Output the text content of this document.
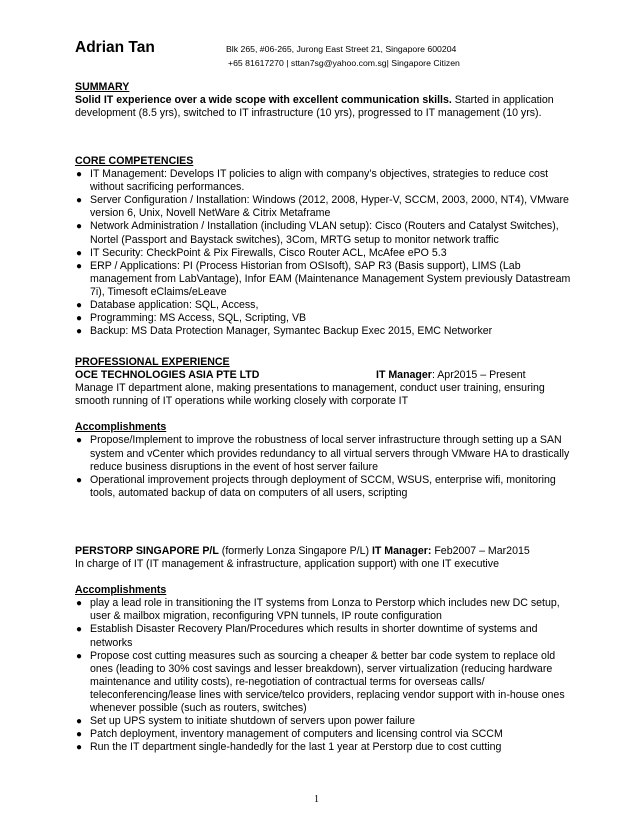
Adrian Tan	Blk 265, #06-265, Jurong East Street 21, Singapore 600204
+65 81617270 | sttan7sg@yahoo.com.sg| Singapore Citizen
SUMMARY

Solid IT experience over a wide scope with excellent communication skills. Started in application development (8.5 yrs), switched to IT infrastructure (10 yrs), progressed to IT management (10 yrs).

CORE COMPETENCIES
● IT Management: Develops IT policies to align with company’s objectives, strategies to reduce cost without sacrificing performances.
● Server Configuration / Installation: Windows (2012, 2008, Hyper-V, SCCM, 2003, 2000, NT4), VMware version 6, Unix, Novell NetWare & Citrix Metaframe
● Network Administration / Installation (including VLAN setup): Cisco (Routers and Catalyst Switches), Nortel (Passport and Baystack switches), 3Com, MRTG setup to monitor network traffic
● IT Security: CheckPoint & Pix Firewalls, Cisco Router ACL, McAfee ePO 5.3
● ERP / Applications: PI (Process Historian from OSIsoft), SAP R3 (Basis support), LIMS (Lab management from LabVantage), Infor EAM (Maintenance Management System previously Datastream 7i), Timesoft eClaims/eLeave
● Database application: SQL, Access,
● Programming: MS Access, SQL, Scripting, VB
● Backup: MS Data Protection Manager, Symantec Backup Exec 2015, EMC Networker
PROFESSIONAL EXPERIENCE
OCE TECHNOLOGIES ASIA PTE LTD	IT Manager: Apr2015 – Present

Manage IT department alone, making presentations to management, conduct user training, ensuring smooth running of IT operations while working closely with corporate IT

Accomplishments
● Propose/Implement to improve the robustness of local server infrastructure through setting up a SAN system and vCenter which provides redundancy to all virtual servers through VMware HA to drastically reduce business disruptions in the event of host server failure
● Operational improvement projects through deployment of SCCM, WSUS, enterprise wifi, monitoring tools, automated backup of data on computers of all users, scripting
PERSTORP SINGAPORE P/L (formerly Lonza Singapore P/L) IT Manager: Feb2007 – Mar2015

In charge of IT (IT management & infrastructure, application support) with one IT executive

Accomplishments
● play a lead role in transitioning the IT systems from Lonza to Perstorp which includes new DC setup, user & mailbox migration, reconfiguring VPN tunnels, IP route configuration
● Establish Disaster Recovery Plan/Procedures which results in shorter downtime of systems and networks
● Propose cost cutting measures such as sourcing a cheaper & better bar code system to replace old ones (leading to 30% cost savings and lesser breakdown), server virtualization (reducing hardware maintenance and utility costs), re-negotiation of contractual terms for overseas calls/ teleconferencing/lease lines with service/telco providers, replacing vendor support with in-house ones whenever possible (such as routers, switches)
● Set up UPS system to initiate shutdown of servers upon power failure
● Patch deployment, inventory management of computers and licensing control via SCCM
● Run the IT department single-handedly for the last 1 year at Perstorp due to cost cutting
1
